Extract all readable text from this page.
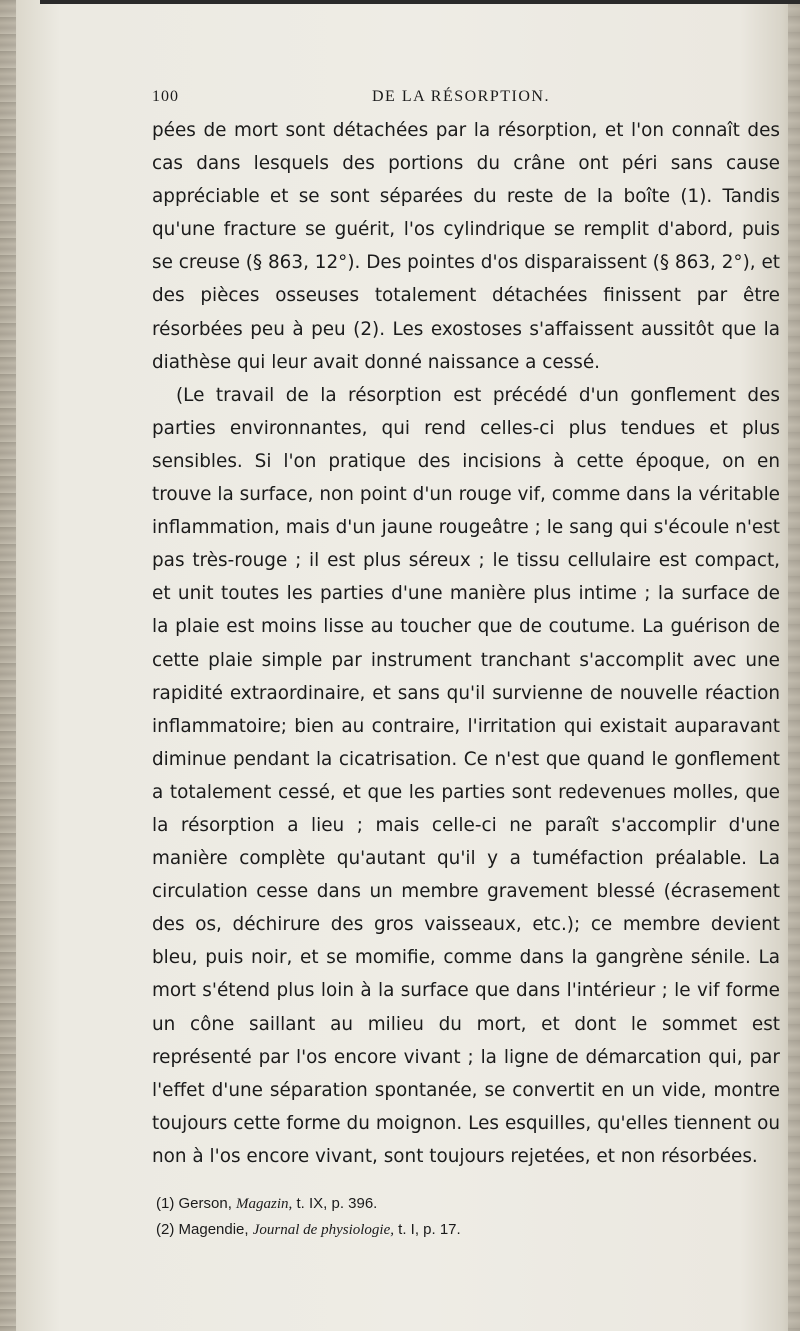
100	DE LA RÉSORPTION.

pées de mort sont détachées par la résorption, et l'on connaît des cas dans lesquels des portions du crâne ont péri sans cause appréciable et se sont séparées du reste de la boîte (1). Tandis qu'une fracture se guérit, l'os cylindrique se remplit d'abord, puis se creuse (§ 863, 12°). Des pointes d'os disparaissent (§ 863, 2°), et des pièces osseuses totalement détachées finissent par être résorbées peu à peu (2). Les exostoses s'affaissent aussitôt que la diathèse qui leur avait donné naissance a cessé.

(Le travail de la résorption est précédé d'un gonflement des parties environnantes, qui rend celles-ci plus tendues et plus sensibles. Si l'on pratique des incisions à cette époque, on en trouve la surface, non point d'un rouge vif, comme dans la véritable inflammation, mais d'un jaune rougeâtre ; le sang qui s'écoule n'est pas très-rouge ; il est plus séreux ; le tissu cellulaire est compact, et unit toutes les parties d'une manière plus intime ; la surface de la plaie est moins lisse au toucher que de coutume. La guérison de cette plaie simple par instrument tranchant s'accomplit avec une rapidité extraordinaire, et sans qu'il survienne de nouvelle réaction inflammatoire; bien au contraire, l'irritation qui existait auparavant diminue pendant la cicatrisation. Ce n'est que quand le gonflement a totalement cessé, et que les parties sont redevenues molles, que la résorption a lieu ; mais celle-ci ne paraît s'accomplir d'une manière complète qu'autant qu'il y a tuméfaction préalable. La circulation cesse dans un membre gravement blessé (écrasement des os, déchirure des gros vaisseaux, etc.); ce membre devient bleu, puis noir, et se momifie, comme dans la gangrène sénile. La mort s'étend plus loin à la surface que dans l'intérieur ; le vif forme un cône saillant au milieu du mort, et dont le sommet est représenté par l'os encore vivant ; la ligne de démarcation qui, par l'effet d'une séparation spontanée, se convertit en un vide, montre toujours cette forme du moignon. Les esquilles, qu'elles tiennent ou non à l'os encore vivant, sont toujours rejetées, et non résorbées.

(1) Gerson, Magazin, t. IX, p. 396.
(2) Magendie, Journal de physiologie, t. I, p. 17.
